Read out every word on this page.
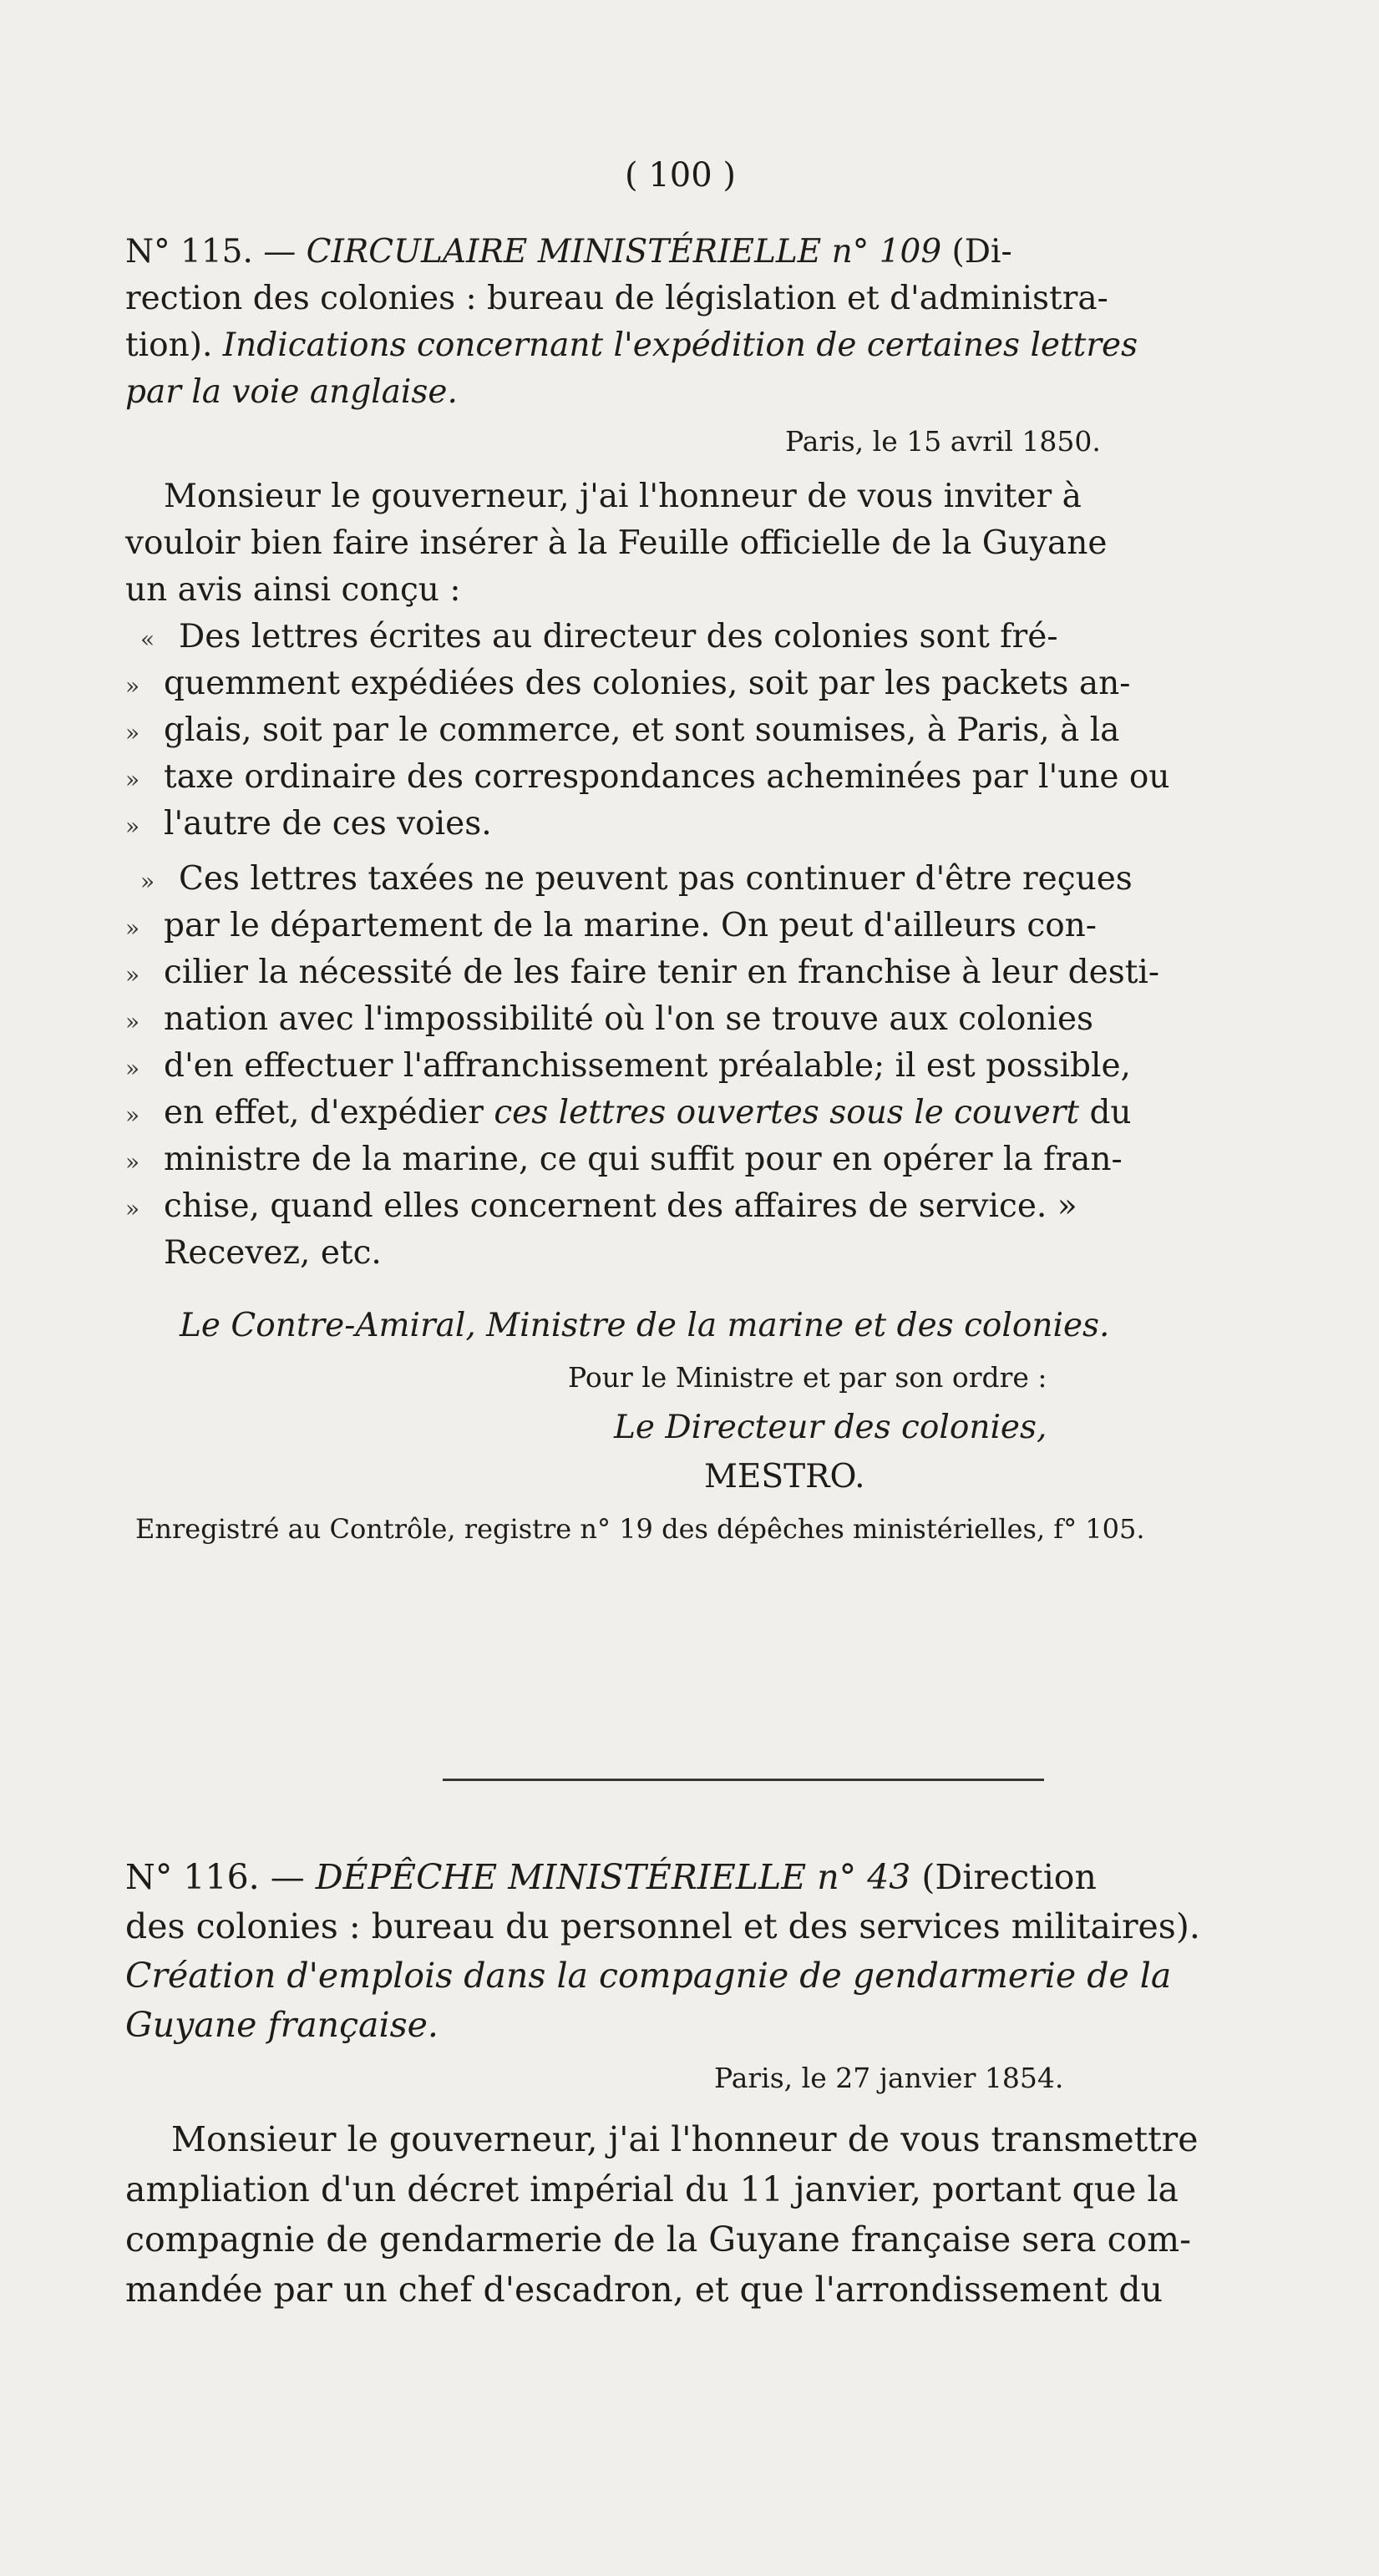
( 100 )
N° 115. — CIRCULAIRE MINISTÉRIELLE n° 109 (Di-
rection des colonies : bureau de législation et d'administra-
tion). Indications concernant l'expédition de certaines lettres
par la voie anglaise.
Paris, le 15 avril 1850.
Monsieur le gouverneur, j'ai l'honneur de vous inviter à
vouloir bien faire insérer à la Feuille officielle de la Guyane
un avis ainsi conçu :
« Des lettres écrites au directeur des colonies sont fré-
» quemment expédiées des colonies, soit par les packets an-
» glais, soit par le commerce, et sont soumises, à Paris, à la
» taxe ordinaire des correspondances acheminées par l'une ou
» l'autre de ces voies.
» Ces lettres taxées ne peuvent pas continuer d'être reçues
» par le département de la marine. On peut d'ailleurs con-
» cilier la nécessité de les faire tenir en franchise à leur desti-
» nation avec l'impossibilité où l'on se trouve aux colonies
» d'en effectuer l'affranchissement préalable; il est possible,
» en effet, d'expédier ces lettres ouvertes sous le couvert du
» ministre de la marine, ce qui suffit pour en opérer la fran-
» chise, quand elles concernent des affaires de service. »
Recevez, etc.
Le Contre-Amiral, Ministre de la marine et des colonies.
Pour le Ministre et par son ordre :
Le Directeur des colonies,
MESTRO.
Enregistré au Contrôle, registre n° 19 des dépêches ministérielles, f° 105.
N° 116. — DÉPÊCHE MINISTÉRIELLE n° 43 (Direction
des colonies : bureau du personnel et des services militaires).
Création d'emplois dans la compagnie de gendarmerie de la
Guyane française.
Paris, le 27 janvier 1854.
Monsieur le gouverneur, j'ai l'honneur de vous transmettre
ampliation d'un décret impérial du 11 janvier, portant que la
compagnie de gendarmerie de la Guyane française sera com-
mandée par un chef d'escadron, et que l'arrondissement du
